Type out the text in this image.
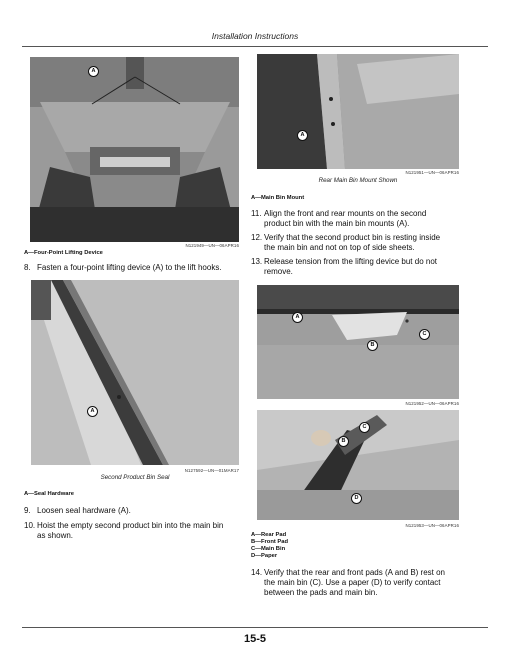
Installation Instructions
A
N121949—UN—06APR16
A—Four-Point Lifting Device
8. Fasten a four-point lifting device (A) to the lift hooks.
A
N127592—UN—01MAR17
Second Product Bin Seal
A—Seal Hardware
9. Loosen seal hardware (A).
10. Hoist the empty second product bin into the main bin
as shown.
A
N121951—UN—06APR16
Rear Main Bin Mount Shown
A—Main Bin Mount
11. Align the front and rear mounts on the second
product bin with the main bin mounts (A).
12. Verify that the second product bin is resting inside
the main bin and not on top of side sheets.
13. Release tension from the lifting device but do not
remove.
A
B
C
N121952—UN—06APR16
C
B
D
N121953—UN—06APR16
A—Rear Pad
B—Front Pad
C—Main Bin
D—Paper
14. Verify that the rear and front pads (A and B) rest on
the main bin (C). Use a paper (D) to verify contact
between the pads and main bin.
15-5
